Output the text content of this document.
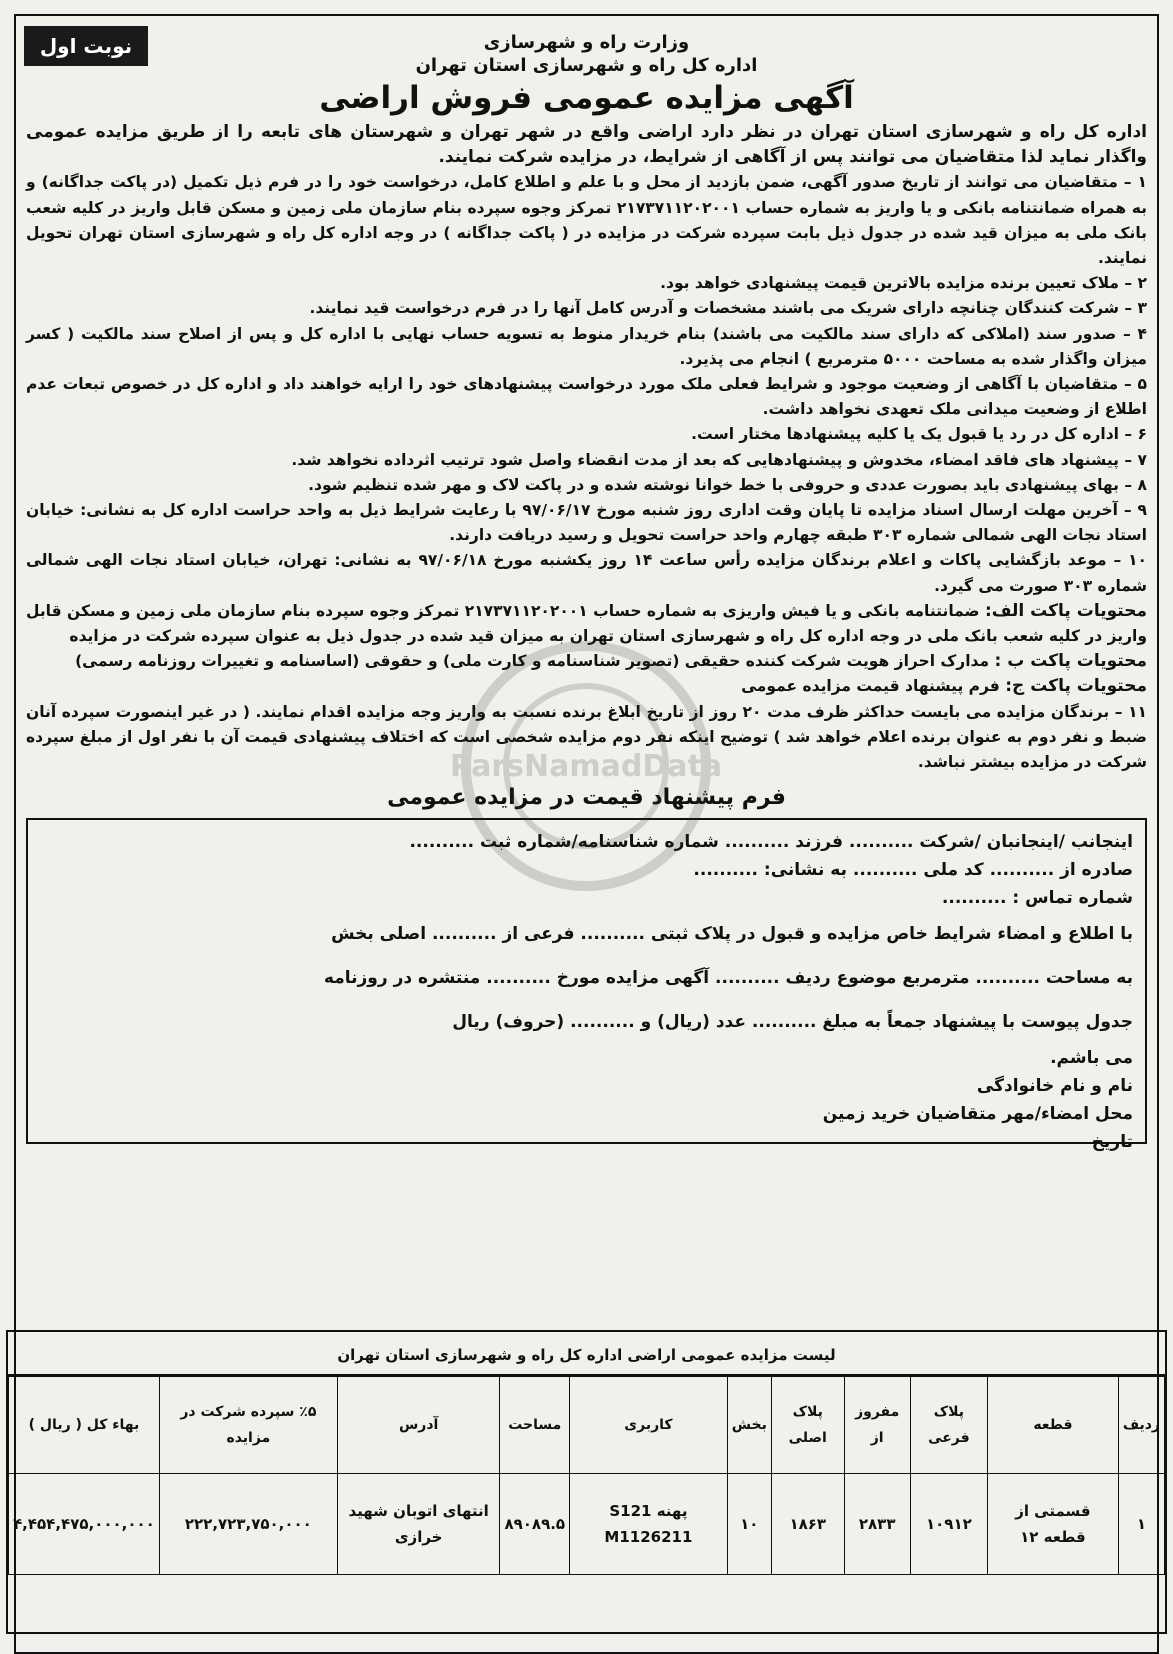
نوبت اول	وزارت راه و شهرسازی
اداره کل راه و شهرسازی استان تهران
آگهی مزایده عمومی فروش اراضی

اداره کل راه و شهرسازی استان تهران در نظر دارد اراضی واقع در شهر تهران و شهرستان های تابعه را از طریق مزایده عمومی واگذار نماید لذا متقاضیان می توانند پس از آگاهی از شرایط، در مزایده شرکت نمایند.

۱ – متقاضیان می توانند از تاریخ صدور آگهی، ضمن بازدید از محل و با علم و اطلاع کامل، درخواست خود را در فرم ذیل تکمیل (در پاکت جداگانه) و به همراه ضمانتنامه بانکی و یا واریز به شماره حساب ۲۱۷۳۷۱۱۲۰۲۰۰۱ تمرکز وجوه سپرده بنام سازمان ملی زمین و مسکن قابل واریز در کلیه شعب بانک ملی به میزان قید شده در جدول ذیل بابت سپرده شرکت در مزایده در ( پاکت جداگانه ) در وجه اداره کل راه و شهرسازی استان تهران تحویل نمایند.

۲ – ملاک تعیین برنده مزایده بالاترین قیمت پیشنهادی خواهد بود.

۳ – شرکت کنندگان چنانچه دارای شریک می باشند مشخصات و آدرس کامل آنها را در فرم درخواست قید نمایند.

۴ – صدور سند (املاکی که دارای سند مالکیت می باشند) بنام خریدار منوط به تسویه حساب نهایی با اداره کل و پس از اصلاح سند مالکیت ( کسر میزان واگذار شده به مساحت ۵۰۰۰ مترمربع ) انجام می پذیرد.

۵ – متقاضیان با آگاهی از وضعیت موجود و شرایط فعلی ملک مورد درخواست پیشنهادهای خود را ارایه خواهند داد و اداره کل در خصوص تبعات عدم اطلاع از وضعیت میدانی ملک تعهدی نخواهد داشت.

۶ – اداره کل در رد یا قبول یک یا کلیه پیشنهادها مختار است.

۷ – پیشنهاد های فاقد امضاء، مخدوش و پیشنهادهایی که بعد از مدت انقضاء واصل شود ترتیب اثرداده نخواهد شد.

۸ – بهای پیشنهادی باید بصورت عددی و حروفی با خط خوانا نوشته شده و در پاکت لاک و مهر شده تنظیم شود.

۹ – آخرین مهلت ارسال اسناد مزایده تا پایان وقت اداری روز شنبه مورخ ۹۷/۰۶/۱۷ با رعایت شرایط ذیل به واحد حراست اداره کل به نشانی: خیابان استاد نجات الهی شمالی شماره ۳۰۳ طبقه چهارم واحد حراست تحویل و رسید دریافت دارند.

۱۰ – موعد بازگشایی پاکات و اعلام برندگان مزایده رأس ساعت ۱۴ روز یکشنبه مورخ ۹۷/۰۶/۱۸ به نشانی: تهران، خیابان استاد نجات الهی شمالی شماره ۳۰۳ صورت می گیرد.

محتویات پاکت الف: ضمانتنامه بانکی و یا فیش واریزی به شماره حساب ۲۱۷۳۷۱۱۲۰۲۰۰۱ تمرکز وجوه سپرده بنام سازمان ملی زمین و مسکن قابل واریز در کلیه شعب بانک ملی در وجه اداره کل راه و شهرسازی استان تهران به میزان قید شده در جدول ذیل به عنوان سپرده شرکت در مزایده

محتویات پاکت ب : مدارک احراز هویت شرکت کننده حقیقی (تصویر شناسنامه و کارت ملی) و حقوقی (اساسنامه و تغییرات روزنامه رسمی)

محتویات پاکت ج: فرم پیشنهاد قیمت مزایده عمومی

۱۱ – برندگان مزایده می بایست حداکثر ظرف مدت ۲۰ روز از تاریخ ابلاغ برنده نسبت به واریز وجه مزایده اقدام نمایند. ( در غیر اینصورت سپرده آنان ضبط و نفر دوم به عنوان برنده اعلام خواهد شد ) توضیح اینکه نفر دوم مزایده شخصی است که اختلاف پیشنهادی قیمت آن با نفر اول از مبلغ سپرده شرکت در مزایده بیشتر نباشد.

فرم پیشنهاد قیمت در مزایده عمومی
اینجانب /اینجانبان /شرکت .......... فرزند .......... شماره شناسنامه/شماره ثبت ..........
صادره از .......... کد ملی .......... به نشانی: ..........
شماره تماس : ..........
با اطلاع و امضاء شرایط خاص مزایده و قبول در پلاک ثبتی .......... فرعی از .......... اصلی بخش
به مساحت .......... مترمربع موضوع ردیف .......... آگهی مزایده مورخ .......... منتشره در روزنامه
جدول پیوست با پیشنهاد جمعاً به مبلغ .......... عدد (ریال) و .......... (حروف) ریال
می باشم.
نام و نام خانوادگی
محل امضاء/مهر متقاضیان خرید زمین
تاریخ
ParsNamadData
لیست مزایده عمومی اراضی اداره کل راه و شهرسازی استان تهران
ردیف	قطعه	پلاک فرعی	مفروز از	پلاک اصلی	بخش	کاربری	مساحت	آدرس	٪۵ سپرده شرکت در مزایده	بهاء کل ( ریال )
۱	قسمتی از قطعه ۱۲	۱۰۹۱۲	۲۸۳۳	۱۸۶۳	۱۰	پهنه S121 M1126211	۸۹۰۸۹.۵	انتهای اتوبان شهید خرازی	۲۲۲,۷۲۳,۷۵۰,۰۰۰	۴,۴۵۴,۴۷۵,۰۰۰,۰۰۰
